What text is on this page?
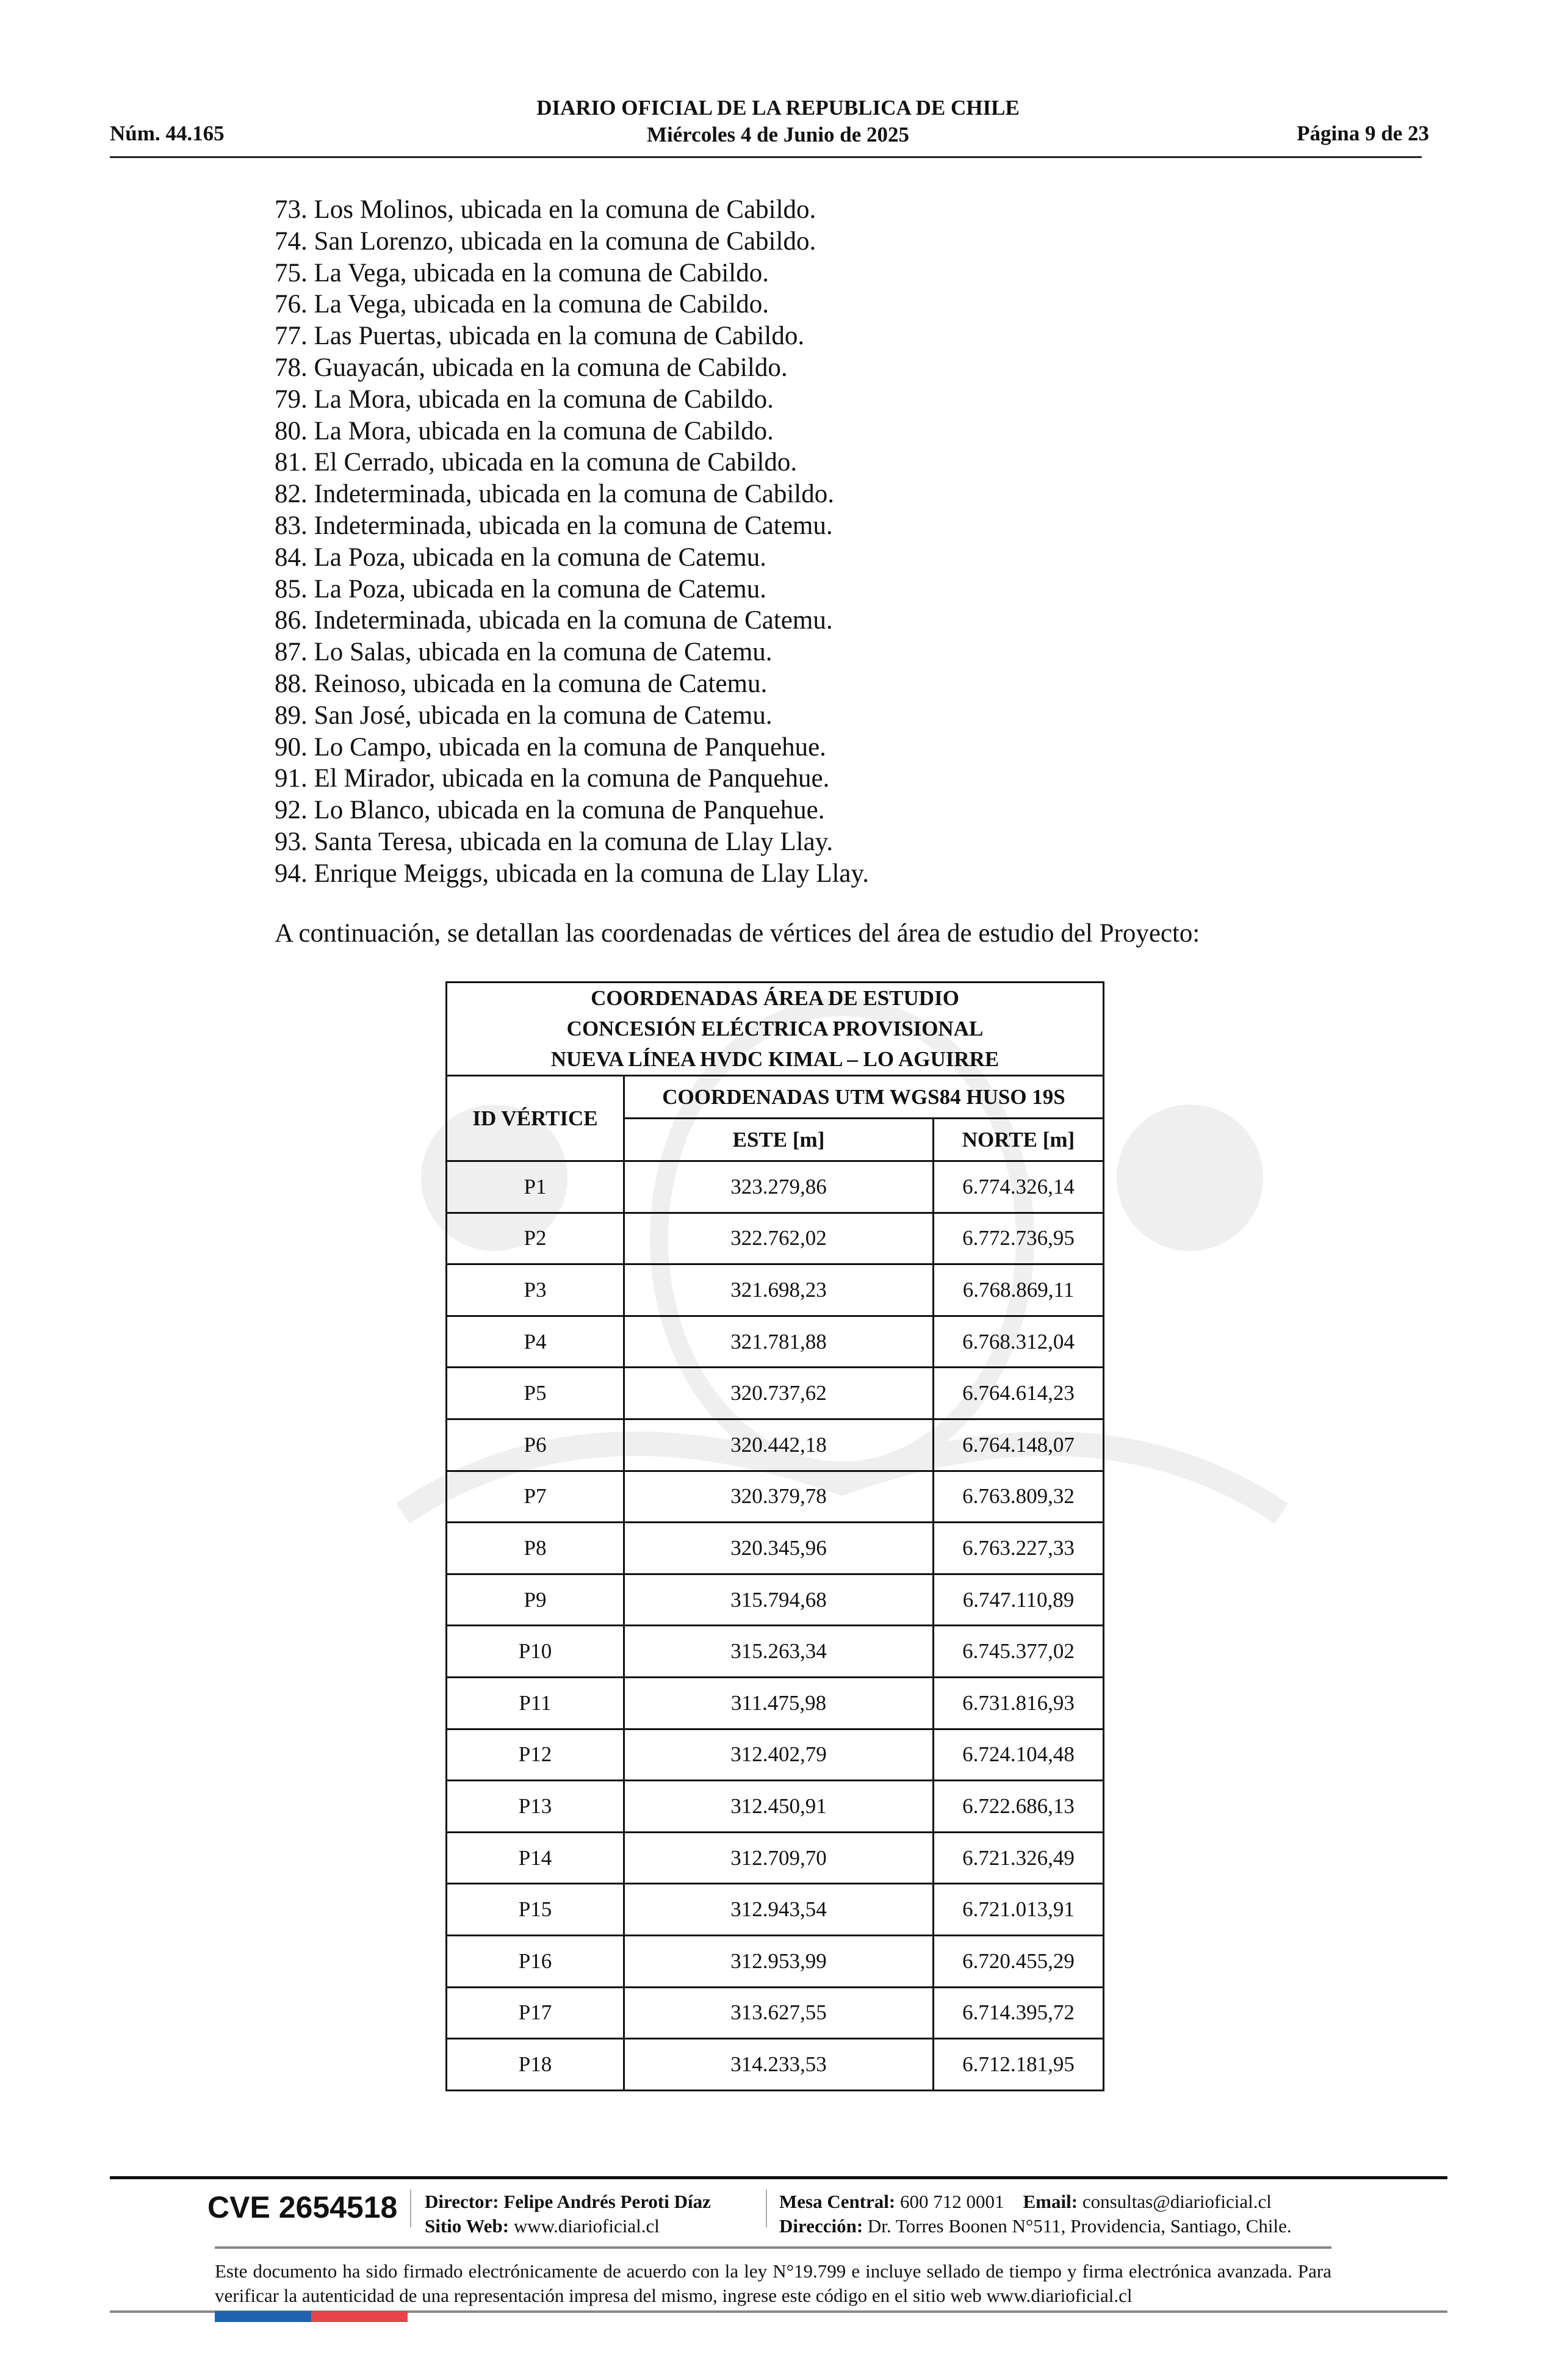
DIARIO OFICIAL DE LA REPUBLICA DE CHILE
Miércoles 4 de Junio de 2025
Núm. 44.165	Página 9 de 23
73. Los Molinos, ubicada en la comuna de Cabildo.
74. San Lorenzo, ubicada en la comuna de Cabildo.
75. La Vega, ubicada en la comuna de Cabildo.
76. La Vega, ubicada en la comuna de Cabildo.
77. Las Puertas, ubicada en la comuna de Cabildo.
78. Guayacán, ubicada en la comuna de Cabildo.
79. La Mora, ubicada en la comuna de Cabildo.
80. La Mora, ubicada en la comuna de Cabildo.
81. El Cerrado, ubicada en la comuna de Cabildo.
82. Indeterminada, ubicada en la comuna de Cabildo.
83. Indeterminada, ubicada en la comuna de Catemu.
84. La Poza, ubicada en la comuna de Catemu.
85. La Poza, ubicada en la comuna de Catemu.
86. Indeterminada, ubicada en la comuna de Catemu.
87. Lo Salas, ubicada en la comuna de Catemu.
88. Reinoso, ubicada en la comuna de Catemu.
89. San José, ubicada en la comuna de Catemu.
90. Lo Campo, ubicada en la comuna de Panquehue.
91. El Mirador, ubicada en la comuna de Panquehue.
92. Lo Blanco, ubicada en la comuna de Panquehue.
93. Santa Teresa, ubicada en la comuna de Llay Llay.
94. Enrique Meiggs, ubicada en la comuna de Llay Llay.
A continuación, se detallan las coordenadas de vértices del área de estudio del Proyecto:
COORDENADAS ÁREA DE ESTUDIO
CONCESIÓN ELÉCTRICA PROVISIONAL
NUEVA LÍNEA HVDC KIMAL – LO AGUIRRE		

ID VÉRTICE	COORDENADAS UTM WGS84 HUSO 19S	
	ESTE [m]	NORTE [m]
P1	323.279,86	6.774.326,14
P2	322.762,02	6.772.736,95
P3	321.698,23	6.768.869,11
P4	321.781,88	6.768.312,04
P5	320.737,62	6.764.614,23
P6	320.442,18	6.764.148,07
P7	320.379,78	6.763.809,32
P8	320.345,96	6.763.227,33
P9	315.794,68	6.747.110,89
P10	315.263,34	6.745.377,02
P11	311.475,98	6.731.816,93
P12	312.402,79	6.724.104,48
P13	312.450,91	6.722.686,13
P14	312.709,70	6.721.326,49
P15	312.943,54	6.721.013,91
P16	312.953,99	6.720.455,29
P17	313.627,55	6.714.395,72
P18	314.233,53	6.712.181,95
CVE 2654518 Director: Felipe Andrés Peroti Díaz
Sitio Web: www.diarioficial.cl
Mesa Central: 600 712 0001 Email: consultas@diarioficial.cl
Dirección: Dr. Torres Boonen N°511, Providencia, Santiago, Chile.
Este documento ha sido firmado electrónicamente de acuerdo con la ley N°19.799 e incluye sellado de tiempo y firma electrónica avanzada. Para verificar la autenticidad de una representación impresa del mismo, ingrese este código en el sitio web www.diarioficial.cl
